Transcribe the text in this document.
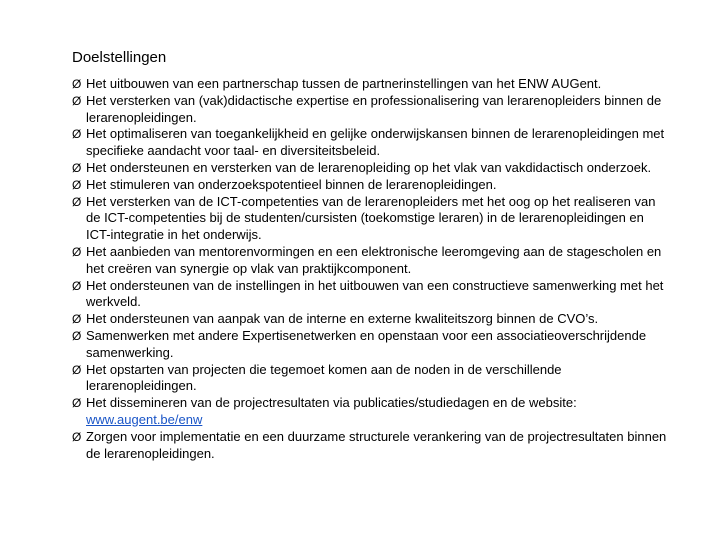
Doelstellingen
Ø Het uitbouwen van een partnerschap tussen de partnerinstellingen van het ENW AUGent.
Ø Het versterken van (vak)didactische expertise en professionalisering van lerarenopleiders binnen de lerarenopleidingen.
Ø Het optimaliseren van toegankelijkheid en gelijke onderwijskansen binnen de lerarenopleidingen met specifieke aandacht voor taal- en diversiteitsbeleid.
Ø Het ondersteunen en versterken van de lerarenopleiding op het vlak van vakdidactisch onderzoek.
Ø Het stimuleren van onderzoekspotentieel binnen de lerarenopleidingen.
Ø Het versterken van de ICT-competenties van de lerarenopleiders met het oog op het realiseren van de ICT-competenties bij de studenten/cursisten (toekomstige leraren) in de lerarenopleidingen en ICT-integratie in het onderwijs.
Ø Het aanbieden van mentorenvormingen en een elektronische leeromgeving aan de stagescholen en het creëren van synergie op vlak van praktijkcomponent.
Ø Het ondersteunen van de instellingen in het uitbouwen van een constructieve samenwerking met het werkveld.
Ø Het ondersteunen van aanpak van de interne en externe kwaliteitszorg binnen de CVO’s.
Ø Samenwerken met andere Expertisenetwerken en openstaan voor een associatieoverschrijdende samenwerking.
Ø Het opstarten van projecten die tegemoet komen aan de noden in de verschillende lerarenopleidingen.
Ø Het dissemineren van de projectresultaten via publicaties/studiedagen en de website: www.augent.be/enw
Ø Zorgen voor implementatie en een duurzame structurele verankering van de projectresultaten binnen de lerarenopleidingen.
